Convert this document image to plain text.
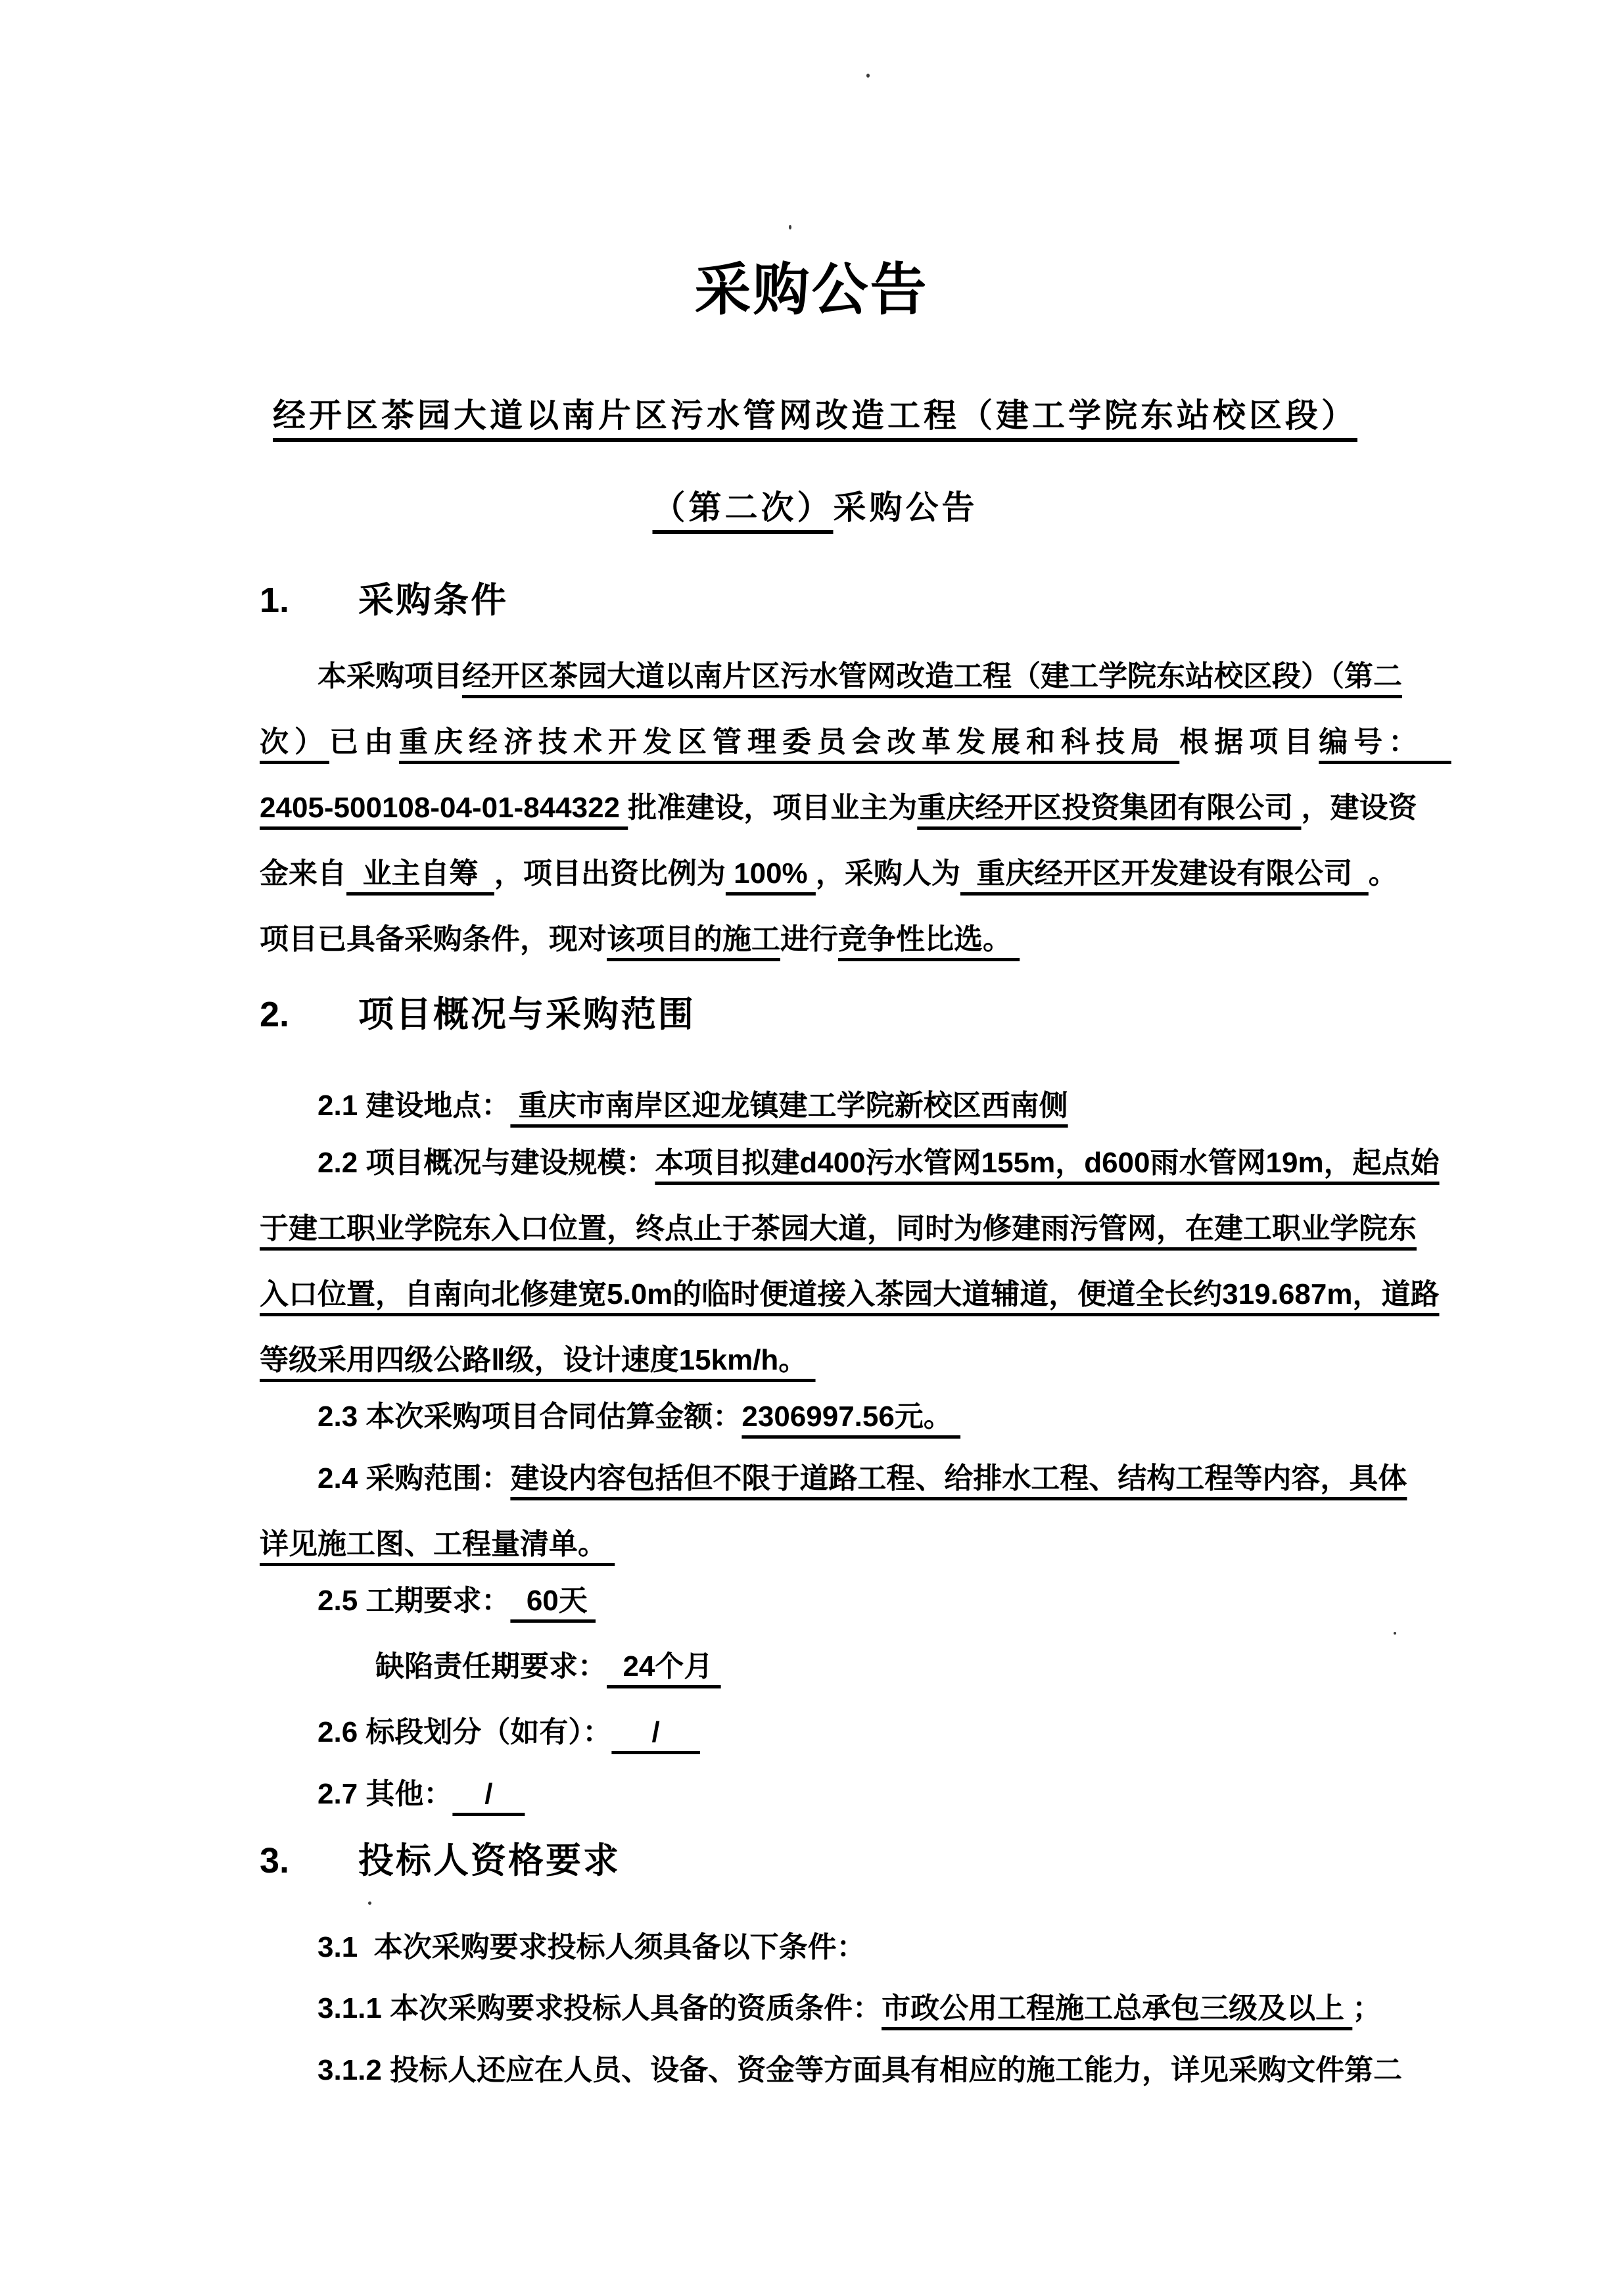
采购公告
经开区茶园大道以南片区污水管网改造工程（建工学院东站校区段）
（第二次）采购公告
1. 采购条件
本采购项目经开区茶园大道以南片区污水管网改造工程（建工学院东站校区段）（第二
次）已由重庆经济技术开发区管理委员会改革发展和科技局 根据项目编号：
2405-500108-04-01-844322 批准建设，项目业主为重庆经开区投资集团有限公司 ，建设资
金来自  业主自筹  ，项目出资比例为 100% ，采购人为  重庆经开区开发建设有限公司  。
项目已具备采购条件，现对该项目的施工进行竞争性比选。
2. 项目概况与采购范围
2.1 建设地点： 重庆市南岸区迎龙镇建工学院新校区西南侧
2.2 项目概况与建设规模：本项目拟建d400污水管网155m，d600雨水管网19m，起点始
于建工职业学院东入口位置，终点止于茶园大道，同时为修建雨污管网，在建工职业学院东
入口位置，自南向北修建宽5.0m的临时便道接入茶园大道辅道，便道全长约319.687m，道路
等级采用四级公路Ⅱ级，设计速度15km/h。
2.3 本次采购项目合同估算金额：2306997.56元。
2.4 采购范围：建设内容包括但不限于道路工程、给排水工程、结构工程等内容，具体
详见施工图、工程量清单。
2.5 工期要求：  60天
缺陷责任期要求：  24个月
2.6 标段划分（如有）：     /
2.7 其他：    /
3. 投标人资格要求
3.1  本次采购要求投标人须具备以下条件：
3.1.1 本次采购要求投标人具备的资质条件：市政公用工程施工总承包三级及以上 ；
3.1.2 投标人还应在人员、设备、资金等方面具有相应的施工能力，详见采购文件第二
